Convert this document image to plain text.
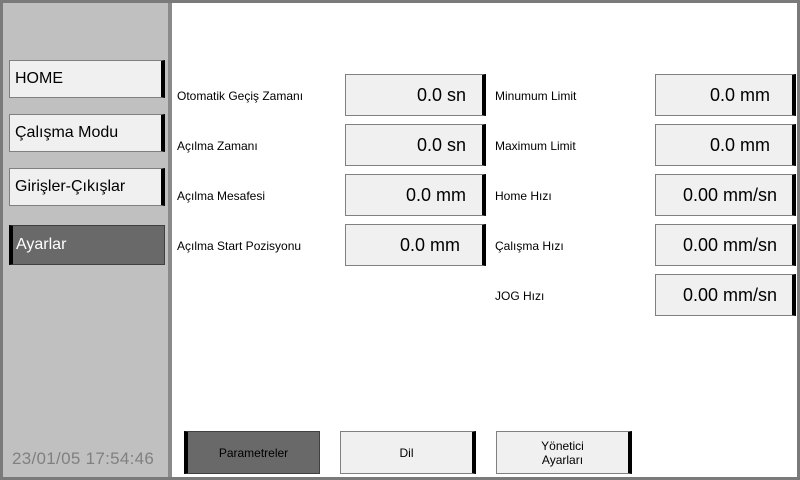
HOME
Çalışma Modu
Girişler-Çıkışlar
Ayarlar
23/01/05 17:54:46
Otomatik Geçiş Zamanı	0.0 sn
Açılma Zamanı	0.0 sn
Açılma Mesafesi	0.0 mm
Açılma Start Pozisyonu	0.0 mm
Minumum Limit	0.0 mm
Maximum Limit	0.0 mm
Home Hızı	0.00 mm/sn
Çalışma Hızı	0.00 mm/sn
JOG Hızı	0.00 mm/sn
Parametreler	Dil	Yönetici
Ayarları
